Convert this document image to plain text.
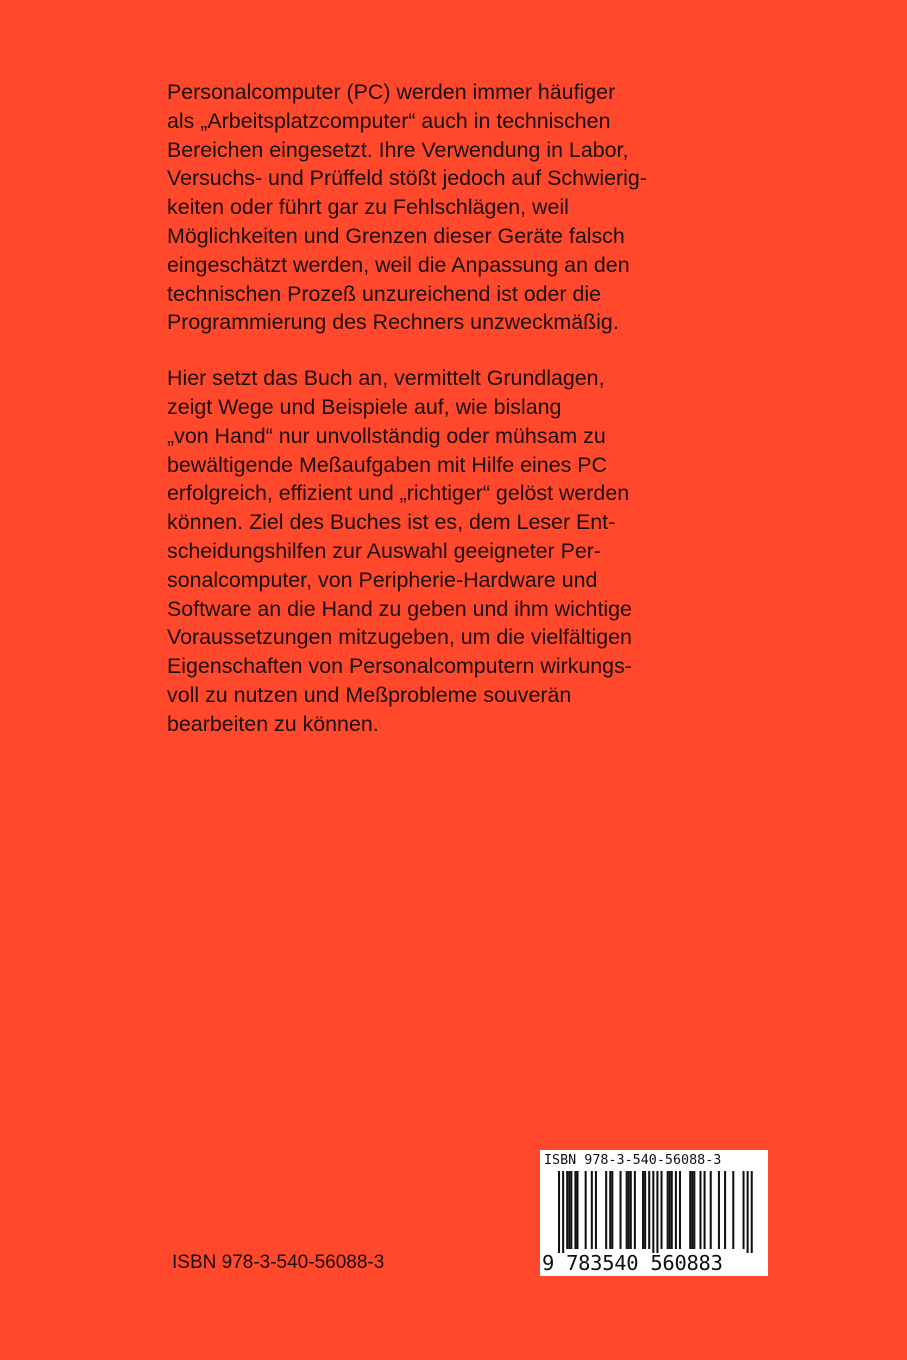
Personalcomputer (PC) werden immer häufiger
als „Arbeitsplatzcomputer“ auch in technischen
Bereichen eingesetzt. Ihre Verwendung in Labor,
Versuchs- und Prüffeld stößt jedoch auf Schwierig-
keiten oder führt gar zu Fehlschlägen, weil
Möglichkeiten und Grenzen dieser Geräte falsch
eingeschätzt werden, weil die Anpassung an den
technischen Prozeß unzureichend ist oder die
Programmierung des Rechners unzweckmäßig.

Hier setzt das Buch an, vermittelt Grundlagen,
zeigt Wege und Beispiele auf, wie bislang
„von Hand“ nur unvollständig oder mühsam zu
bewältigende Meßaufgaben mit Hilfe eines PC
erfolgreich, effizient und „richtiger“ gelöst werden
können. Ziel des Buches ist es, dem Leser Ent-
scheidungshilfen zur Auswahl geeigneter Per-
sonalcomputer, von Peripherie-Hardware und
Software an die Hand zu geben und ihm wichtige
Voraussetzungen mitzugeben, um die vielfältigen
Eigenschaften von Personalcomputern wirkungs-
voll zu nutzen und Meßprobleme souverän
bearbeiten zu können.

ISBN 978-3-540-56088-3
ISBN 978-3-540-56088-3
9 783540 560883
